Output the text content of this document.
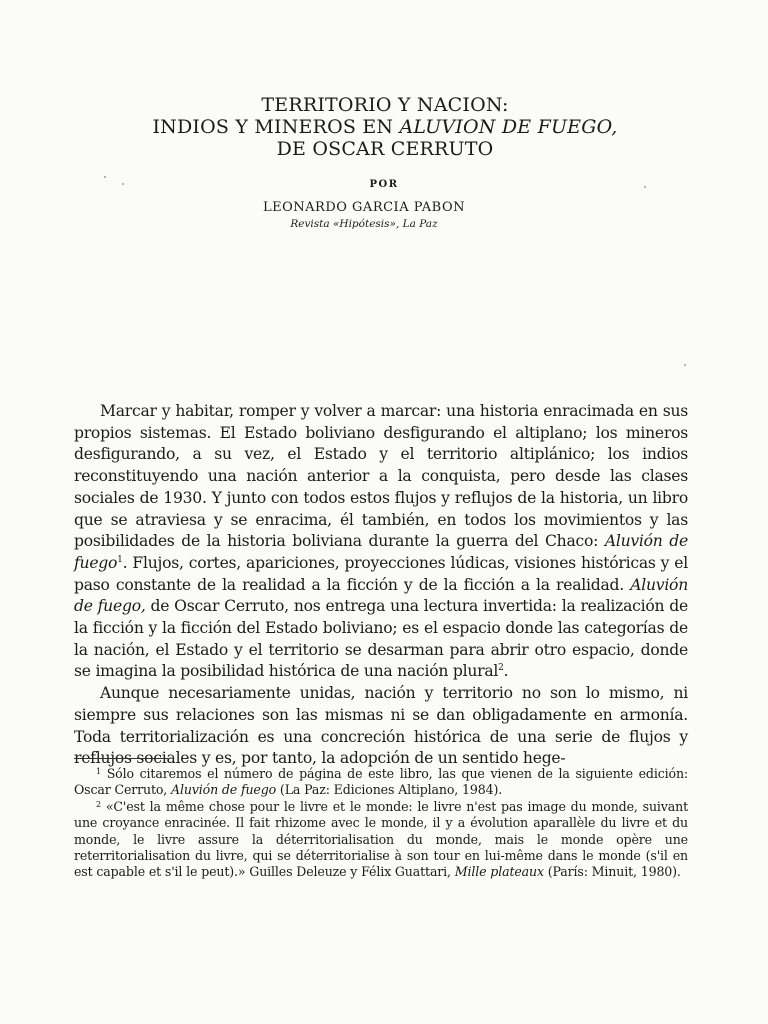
TERRITORIO Y NACION:
INDIOS Y MINEROS EN ALUVION DE FUEGO,
DE OSCAR CERRUTO
POR
LEONARDO GARCIA PABON
Revista «Hipótesis», La Paz

Marcar y habitar, romper y volver a marcar: una historia enracimada en sus propios sistemas. El Estado boliviano desfigurando el altiplano; los mineros desfigurando, a su vez, el Estado y el territorio altiplánico; los indios reconstituyendo una nación anterior a la conquista, pero desde las clases sociales de 1930. Y junto con todos estos flujos y reflujos de la historia, un libro que se atraviesa y se enracima, él también, en todos los movimientos y las posibilidades de la historia boliviana durante la guerra del Chaco: Aluvión de fuego$^1$. Flujos, cortes, apariciones, proyecciones lúdicas, visiones históricas y el paso constante de la realidad a la ficción y de la ficción a la realidad. Aluvión de fuego, de Oscar Cerruto, nos entrega una lectura invertida: la realización de la ficción y la ficción del Estado boliviano; es el espacio donde las categorías de la nación, el Estado y el territorio se desarman para abrir otro espacio, donde se imagina la posibilidad histórica de una nación plural$^2$.

Aunque necesariamente unidas, nación y territorio no son lo mismo, ni siempre sus relaciones son las mismas ni se dan obligadamente en armonía. Toda territorialización es una concreción histórica de una serie de flujos y reflujos sociales y es, por tanto, la adopción de un sentido hege-

$^1$ Sólo citaremos el número de página de este libro, las que vienen de la siguiente edición: Oscar Cerruto, Aluvión de fuego (La Paz: Ediciones Altiplano, 1984).

$^2$ «C'est la même chose pour le livre et le monde: le livre n'est pas image du monde, suivant une croyance enracinée. Il fait rhizome avec le monde, il y a évolution aparallèle du livre et du monde, le livre assure la déterritorialisation du monde, mais le monde opère une reterritorialisation du livre, qui se déterritorialise à son tour en lui-même dans le monde (s'il en est capable et s'il le peut).» Guilles Deleuze y Félix Guattari, Mille plateaux (París: Minuit, 1980).
